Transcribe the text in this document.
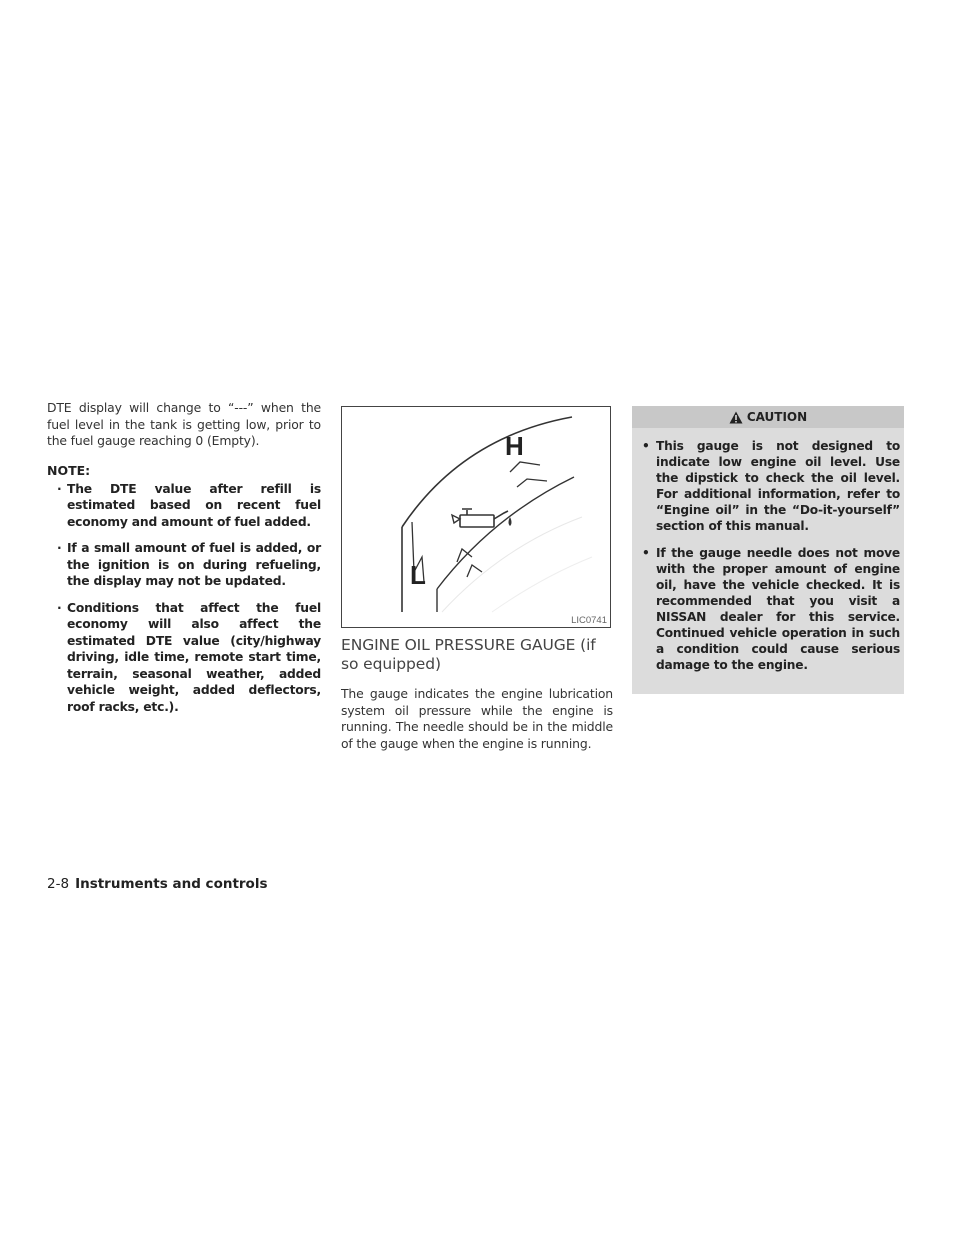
DTE display will change to “---” when the fuel level in the tank is getting low, prior to the fuel gauge reaching 0 (Empty).

NOTE:
· The DTE value after refill is estimated based on recent fuel economy and amount of fuel added.
· If a small amount of fuel is added, or the ignition is on during refueling, the display may not be updated.
· Conditions that affect the fuel economy will also affect the estimated DTE value (city/highway driving, idle time, remote start time, terrain, seasonal weather, added vehicle weight, added deflectors, roof racks, etc.).
H
L
LIC0741
ENGINE OIL PRESSURE GAUGE (if so equipped)

The gauge indicates the engine lubrication system oil pressure while the engine is running. The needle should be in the middle of the gauge when the engine is running.

CAUTION
• This gauge is not designed to indicate low engine oil level. Use the dipstick to check the oil level. For additional information, refer to “Engine oil” in the “Do-it-yourself” section of this manual.
• If the gauge needle does not move with the proper amount of engine oil, have the vehicle checked. It is recommended that you visit a NISSAN dealer for this service. Continued vehicle operation in such a condition could cause serious damage to the engine.
2-8 Instruments and controls
